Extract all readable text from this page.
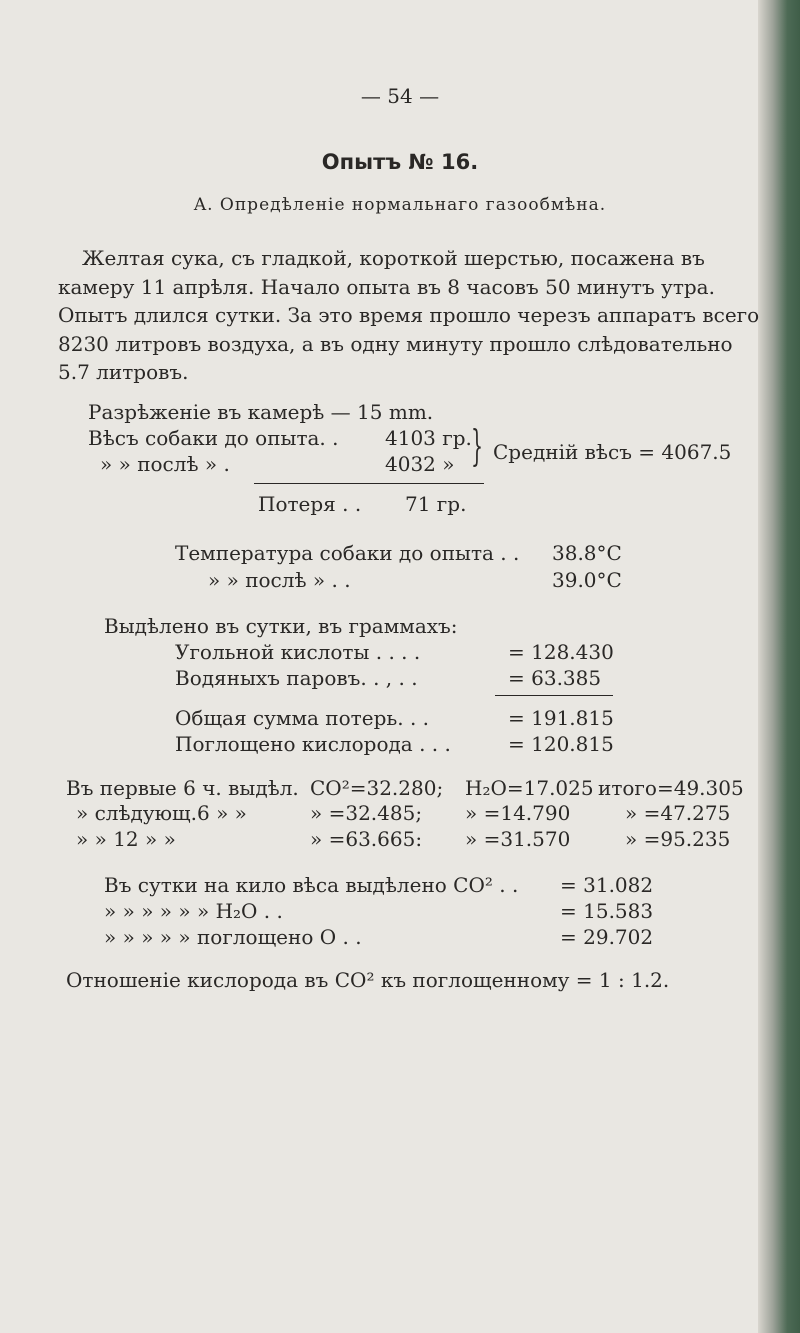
— 54 —
Опытъ № 16.
A. Опредѣленіе нормальнаго газообмѣна.
Желтая сука, съ гладкой, короткой шерстью, посажена въ
камеру 11 апрѣля. Начало опыта въ 8 часовъ 50 минутъ утра.
Опытъ длился сутки. За это время прошло черезъ аппаратъ всего
8230 литровъ воздуха, а въ одну минуту прошло слѣдовательно
5.7 литровъ.
Разрѣженіе въ камерѣ — 15 mm.
Вѣсъ собаки до опыта. . 4103 гр.
» » послѣ » .	4032 » } Средній вѣсъ = 4067.5
Потеря . . 71 гр.
Температура собаки до опыта . . 38.8°C
» » послѣ » . .	39.0°C
Выдѣлено въ сутки, въ граммахъ:
Угольной кислоты . . . .	= 128.430
Водяныхъ паровъ. . , . .	= 63.385
Общая сумма потерь. . .	= 191.815
Поглощено кислорода . . .	= 120.815
Въ первые 6 ч. выдѣл. CO²=32.280; H₂O=17.025 итого=49.305
» слѣдующ.6 » »	» =32.485; » =14.790	» =47.275
» » 12 » »	» =63.665: » =31.570	» =95.235
Въ сутки на кило вѣса выдѣлено CO² . . = 31.082
» » » » » » H₂O . .	= 15.583
» » » » » поглощено O . .	= 29.702
Отношеніе кислорода въ CO² къ поглощенному = 1 : 1.2.
